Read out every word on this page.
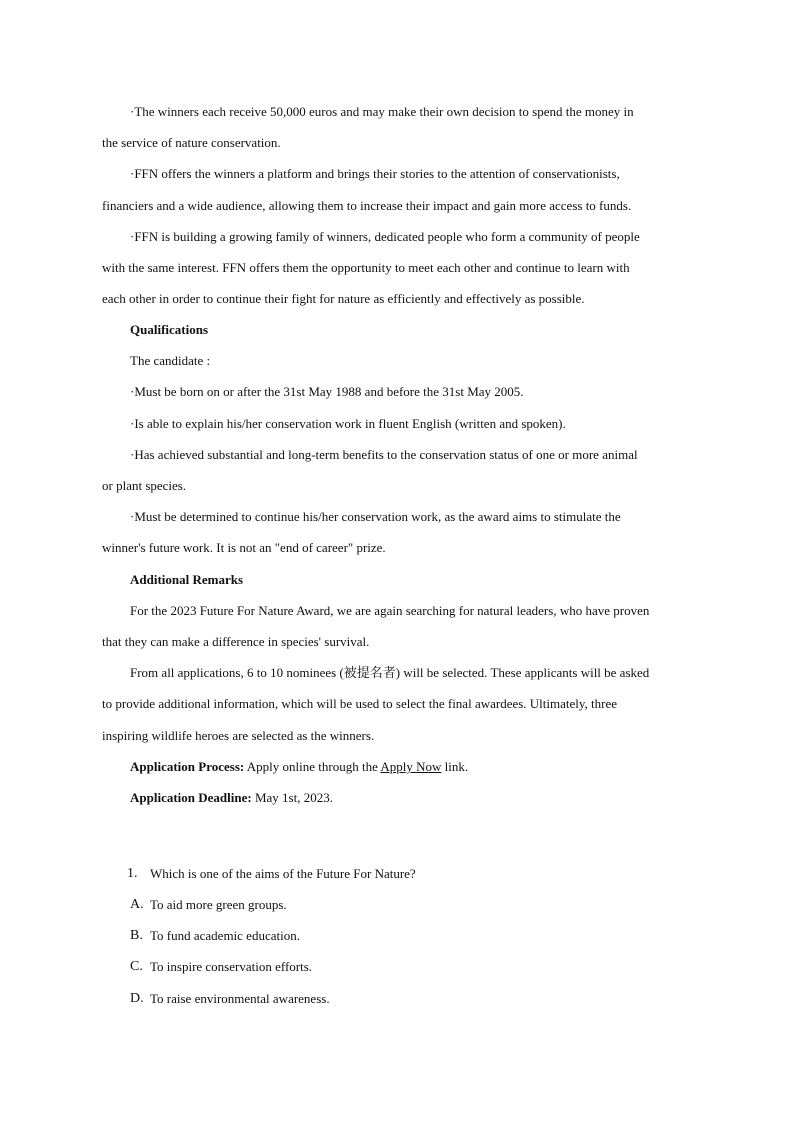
·The winners each receive 50,000 euros and may make their own decision to spend the money in
the service of nature conservation.
·FFN offers the winners a platform and brings their stories to the attention of conservationists,
financiers and a wide audience, allowing them to increase their impact and gain more access to funds.
·FFN is building a growing family of winners, dedicated people who form a community of people
with the same interest. FFN offers them the opportunity to meet each other and continue to learn with
each other in order to continue their fight for nature as efficiently and effectively as possible.
Qualifications
The candidate :
·Must be born on or after the 31st May 1988 and before the 31st May 2005.
·Is able to explain his/her conservation work in fluent English (written and spoken).
·Has achieved substantial and long-term benefits to the conservation status of one or more animal
or plant species.
·Must be determined to continue his/her conservation work, as the award aims to stimulate the
winner's future work. It is not an "end of career" prize.
Additional Remarks
For the 2023 Future For Nature Award, we are again searching for natural leaders, who have proven
that they can make a difference in species' survival.
From all applications, 6 to 10 nominees (被提名者) will be selected. These applicants will be asked
to provide additional information, which will be used to select the final awardees. Ultimately, three
inspiring wildlife heroes are selected as the winners.
Application Process: Apply online through the Apply Now link.
Application Deadline: May 1st, 2023.
1. Which is one of the aims of the Future For Nature?
A. To aid more green groups.
B. To fund academic education.
C. To inspire conservation efforts.
D. To raise environmental awareness.
